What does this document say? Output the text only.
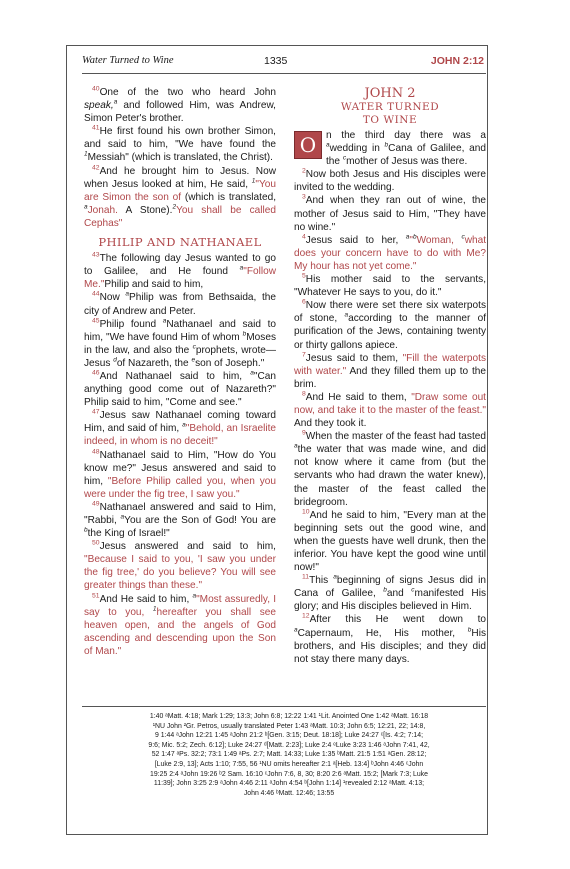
Water Turned to Wine	1335	JOHN 2:12

$^{40}$One of the two who heard John speak,$^a$ and followed Him, was Andrew, Simon Peter's brother.

$^{41}$He first found his own brother Simon, and said to him, "We have found the $^1$Messiah" (which is translated, the Christ).

$^{42}$And he brought him to Jesus. Now when Jesus looked at him, He said, $^1$"You are Simon the son of (which is translated, $^a$Jonah. A Stone).$^2$You shall be called Cephas"

PHILIP AND NATHANAEL

$^{43}$The following day Jesus wanted to go to Galilee, and He found $^a$"Follow Me."Philip and said to him,

$^{44}$Now $^a$Philip was from Bethsaida, the city of Andrew and Peter.

$^{45}$Philip found $^a$Nathanael and said to him, "We have found Him of whom $^b$Moses in the law, and also the $^c$prophets, wrote—Jesus $^d$of Nazareth, the $^e$son of Joseph."

$^{46}$And Nathanael said to him, $^a$"Can anything good come out of Nazareth?" Philip said to him, "Come and see."

$^{47}$Jesus saw Nathanael coming toward Him, and said of him, $^a$"Behold, an Israelite indeed, in whom is no deceit!"

$^{48}$Nathanael said to Him, "How do You know me?" Jesus answered and said to him, "Before Philip called you, when you were under the fig tree, I saw you."

$^{49}$Nathanael answered and said to Him, "Rabbi, $^a$You are the Son of God! You are $^b$the King of Israel!"

$^{50}$Jesus answered and said to him, "Because I said to you, 'I saw you under the fig tree,' do you believe? You will see greater things than these."

$^{51}$And He said to him, $^a$"Most assuredly, I say to you, $^1$hereafter you shall see heaven open, and the angels of God ascending and descending upon the Son of Man."

JOHN 2
WATER TURNED
TO WINE

O n the third day there was a $^a$wedding in $^b$Cana of Galilee, and the $^c$mother of Jesus was there.

$^2$Now both Jesus and His disciples were invited to the wedding.

$^3$And when they ran out of wine, the mother of Jesus said to Him, "They have no wine."

$^4$Jesus said to her, $^a$"$^b$Woman, $^c$what does your concern have to do with Me? My hour has not yet come."

$^5$His mother said to the servants, "Whatever He says to you, do it."

$^6$Now there were set there six waterpots of stone, $^a$according to the manner of purification of the Jews, containing twenty or thirty gallons apiece.

$^7$Jesus said to them, "Fill the waterpots with water." And they filled them up to the brim.

$^8$And He said to them, "Draw some out now, and take it to the master of the feast." And they took it.

$^9$When the master of the feast had tasted $^a$the water that was made wine, and did not know where it came from (but the servants who had drawn the water knew), the master of the feast called the bridegroom.

$^{10}$And he said to him, "Every man at the beginning sets out the good wine, and when the guests have well drunk, then the inferior. You have kept the good wine until now!"

$^{11}$This $^a$beginning of signs Jesus did in Cana of Galilee, $^b$and $^c$manifested His glory; and His disciples believed in Him.

$^{12}$After this He went down to $^a$Capernaum, He, His mother, $^b$His brothers, and His disciples; and they did not stay there many days.

1:40 ᵃMatt. 4:18; Mark 1:29; 13:3; John 6:8; 12:22 1:41 ¹Lit. Anointed One 1:42 ᵃMatt. 16:18
¹NU John ²Gr. Petros, usually translated Peter 1:43 ᵃMatt. 10:3; John 6:5; 12:21, 22; 14:8,
9 1:44 ᵃJohn 12:21 1:45 ᵃJohn 21:2 ᵇ[Gen. 3:15; Deut. 18:18]; Luke 24:27 ᶜ[Is. 4:2; 7:14;
9:6; Mic. 5:2; Zech. 6:12]; Luke 24:27 ᵈ[Matt. 2:23]; Luke 2:4 ᵉLuke 3:23 1:46 ᵃJohn 7:41, 42,
52 1:47 ᵃPs. 32:2; 73:1 1:49 ᵃPs. 2:7; Matt. 14:33; Luke 1:35 ᵇMatt. 21:5 1:51 ᵃGen. 28:12;
[Luke 2:9, 13]; Acts 1:10; 7:55, 56 ¹NU omits hereafter 2:1 ᵃ[Heb. 13:4] ᵇJohn 4:46 ᶜJohn
19:25 2:4 ᵃJohn 19:26 ᵇ2 Sam. 16:10 ᶜJohn 7:6, 8, 30; 8:20 2:6 ᵃMatt. 15:2; [Mark 7:3; Luke
11:39]; John 3:25 2:9 ᵃJohn 4:46 2:11 ᵃJohn 4:54 ᵇ[John 1:14] ¹revealed 2:12 ᵃMatt. 4:13;
John 4:46 ᵇMatt. 12:46; 13:55
